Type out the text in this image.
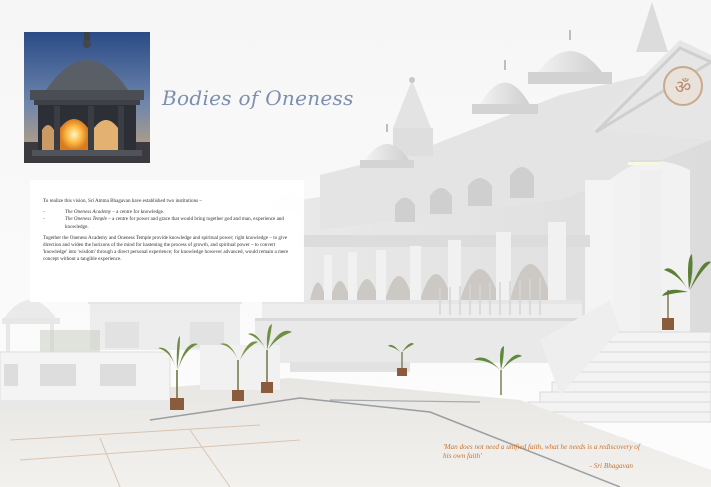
ॐ
Bodies of Oneness

To realize this vision, Sri Amma Bhagavan have established two institutions –

-	The Oneness Academy – a centre for knowledge.
-	The Oneness Temple – a centre for power and grace that would bring together god and man, experience and knowledge.

Together the Oneness Academy and Oneness Temple provide knowledge and spiritual power; right knowledge – to give direction and widen the horizons of the mind for hastening the process of growth, and spiritual power – to convert 'knowledge' into 'wisdom' through a direct personal experience; for knowledge however advanced, would remain a mere concept without a tangible experience.

'Man does not need a unified faith, what he needs is a rediscovery of his own faith'
- Sri Bhagavan
